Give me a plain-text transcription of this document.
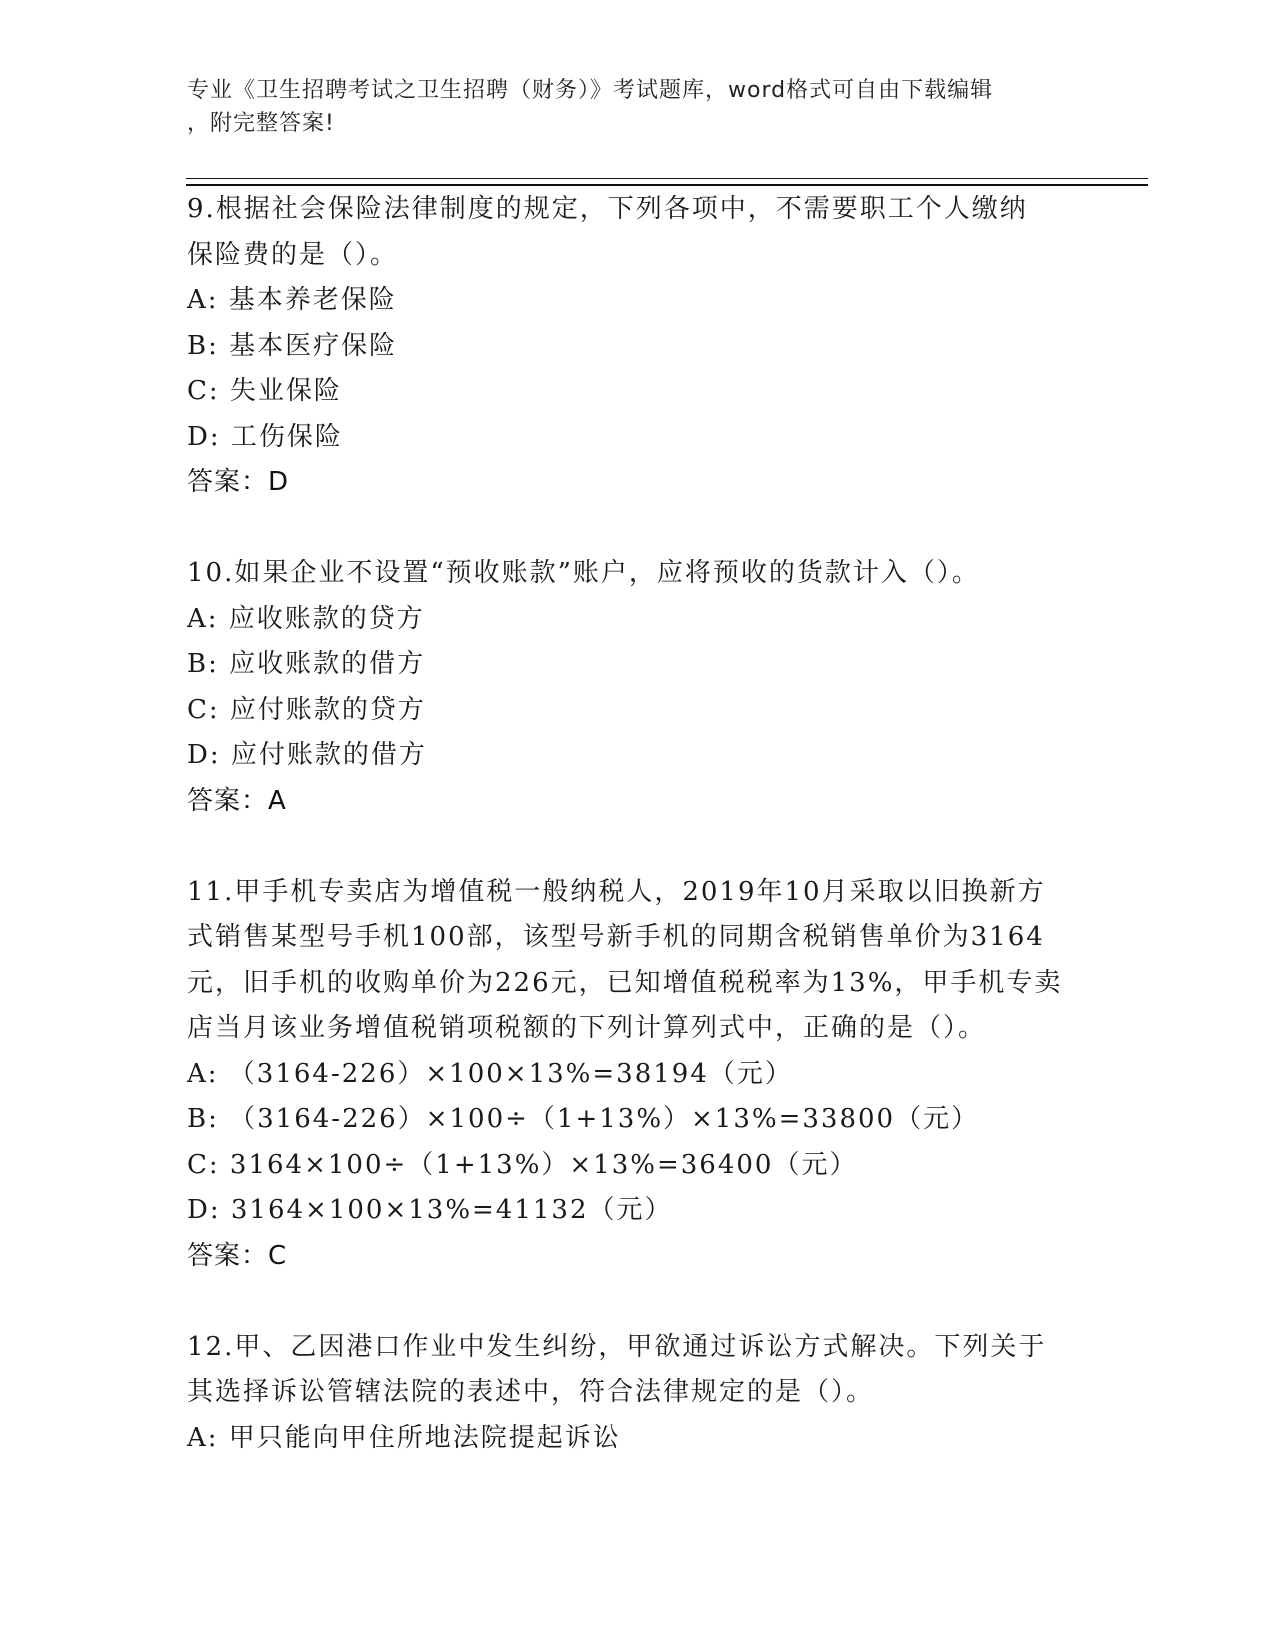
专业《卫生招聘考试之卫生招聘（财务）》考试题库，word格式可自由下载编辑
，附完整答案!
9.根据社会保险法律制度的规定，下列各项中，不需要职工个人缴纳
保险费的是（）。
A: 基本养老保险
B: 基本医疗保险
C: 失业保险
D: 工伤保险
答案：D
10.如果企业不设置“预收账款”账户，应将预收的货款计入（）。
A: 应收账款的贷方
B: 应收账款的借方
C: 应付账款的贷方
D: 应付账款的借方
答案：A
11.甲手机专卖店为增值税一般纳税人，2019年10月采取以旧换新方
式销售某型号手机100部，该型号新手机的同期含税销售单价为3164
元，旧手机的收购单价为226元，已知增值税税率为13%，甲手机专卖
店当月该业务增值税销项税额的下列计算列式中，正确的是（）。
A: （3164-226）×100×13%=38194（元）
B: （3164-226）×100÷（1+13%）×13%=33800（元）
C: 3164×100÷（1+13%）×13%=36400（元）
D: 3164×100×13%=41132（元）
答案：C
12.甲、乙因港口作业中发生纠纷，甲欲通过诉讼方式解决。下列关于
其选择诉讼管辖法院的表述中，符合法律规定的是（）。
A: 甲只能向甲住所地法院提起诉讼
